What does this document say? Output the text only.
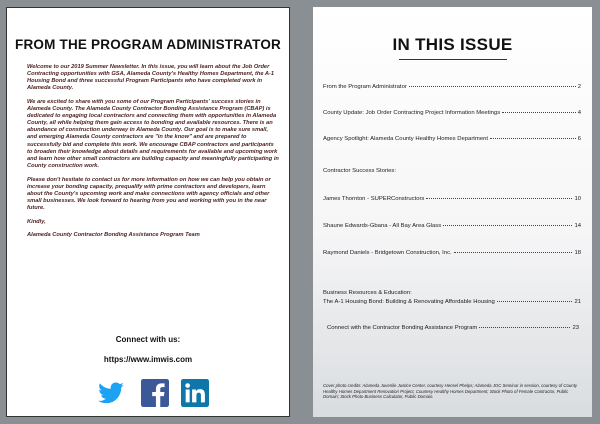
FROM THE PROGRAM ADMINISTRATOR

Welcome to our 2019 Summer Newsletter. In this issue, you will learn about the Job Order Contracting opportunities with GSA, Alameda County's Healthy Homes Department, the A-1 Housing Bond and three successful Program Participants who have completed work in Alameda County.

We are excited to share with you some of our Program Participants' success stories in Alameda County. The Alameda County Contractor Bonding Assistance Program (CBAP) is dedicated to engaging local contractors and connecting them with opportunities in Alameda County, all while helping them gain access to bonding and available resources. There is an abundance of construction underway in Alameda County. Our goal is to make sure small, and emerging Alameda County contractors are "in the know" and are prepared to successfully bid and complete this work. We encourage CBAP contractors and participants to broaden their knowledge about details and requirements for available and upcoming work and learn how other small contractors are building capacity and meaningfully participating in County construction work.

Please don't hesitate to contact us for more information on how we can help you obtain or increase your bonding capacity, prequalify with prime contractors and developers, learn about the County's upcoming work and make connections with agency officials and other small businesses. We look forward to hearing from you and working with you in the near future.

Kindly,

Alameda County Contractor Bonding Assistance Program Team

Connect with us:
https://www.imwis.com
IN THIS ISSUE
From the Program Administrator	2
County Update: Job Order Contracting Project Information Meetings	4
Agency Spotlight: Alameda County Healthy Homes Department	6
Contractor Success Stories:
James Thornton - SUPERConstructors	10
Shaune Edwards-Gbana - All Bay Area Glass	14
Raymond Daniels - Bridgetown Construction, Inc.	18
Business Resources & Education:
The A-1 Housing Bond: Building & Renovating Affordable Housing	21
Connect with the Contractor Bonding Assistance Program	23
Cover photo credits: Alameda Juvenile Justice Center, courtesy Hensel Phelps; Alameda JOC Seminar in session, courtesy of County Healthy Homes Department Renovation Project, Courtesy Healthy Homes Department; Stock Photo of Female Contractor, Public Domain; Stock Photo Business Calculator, Public Domain.
